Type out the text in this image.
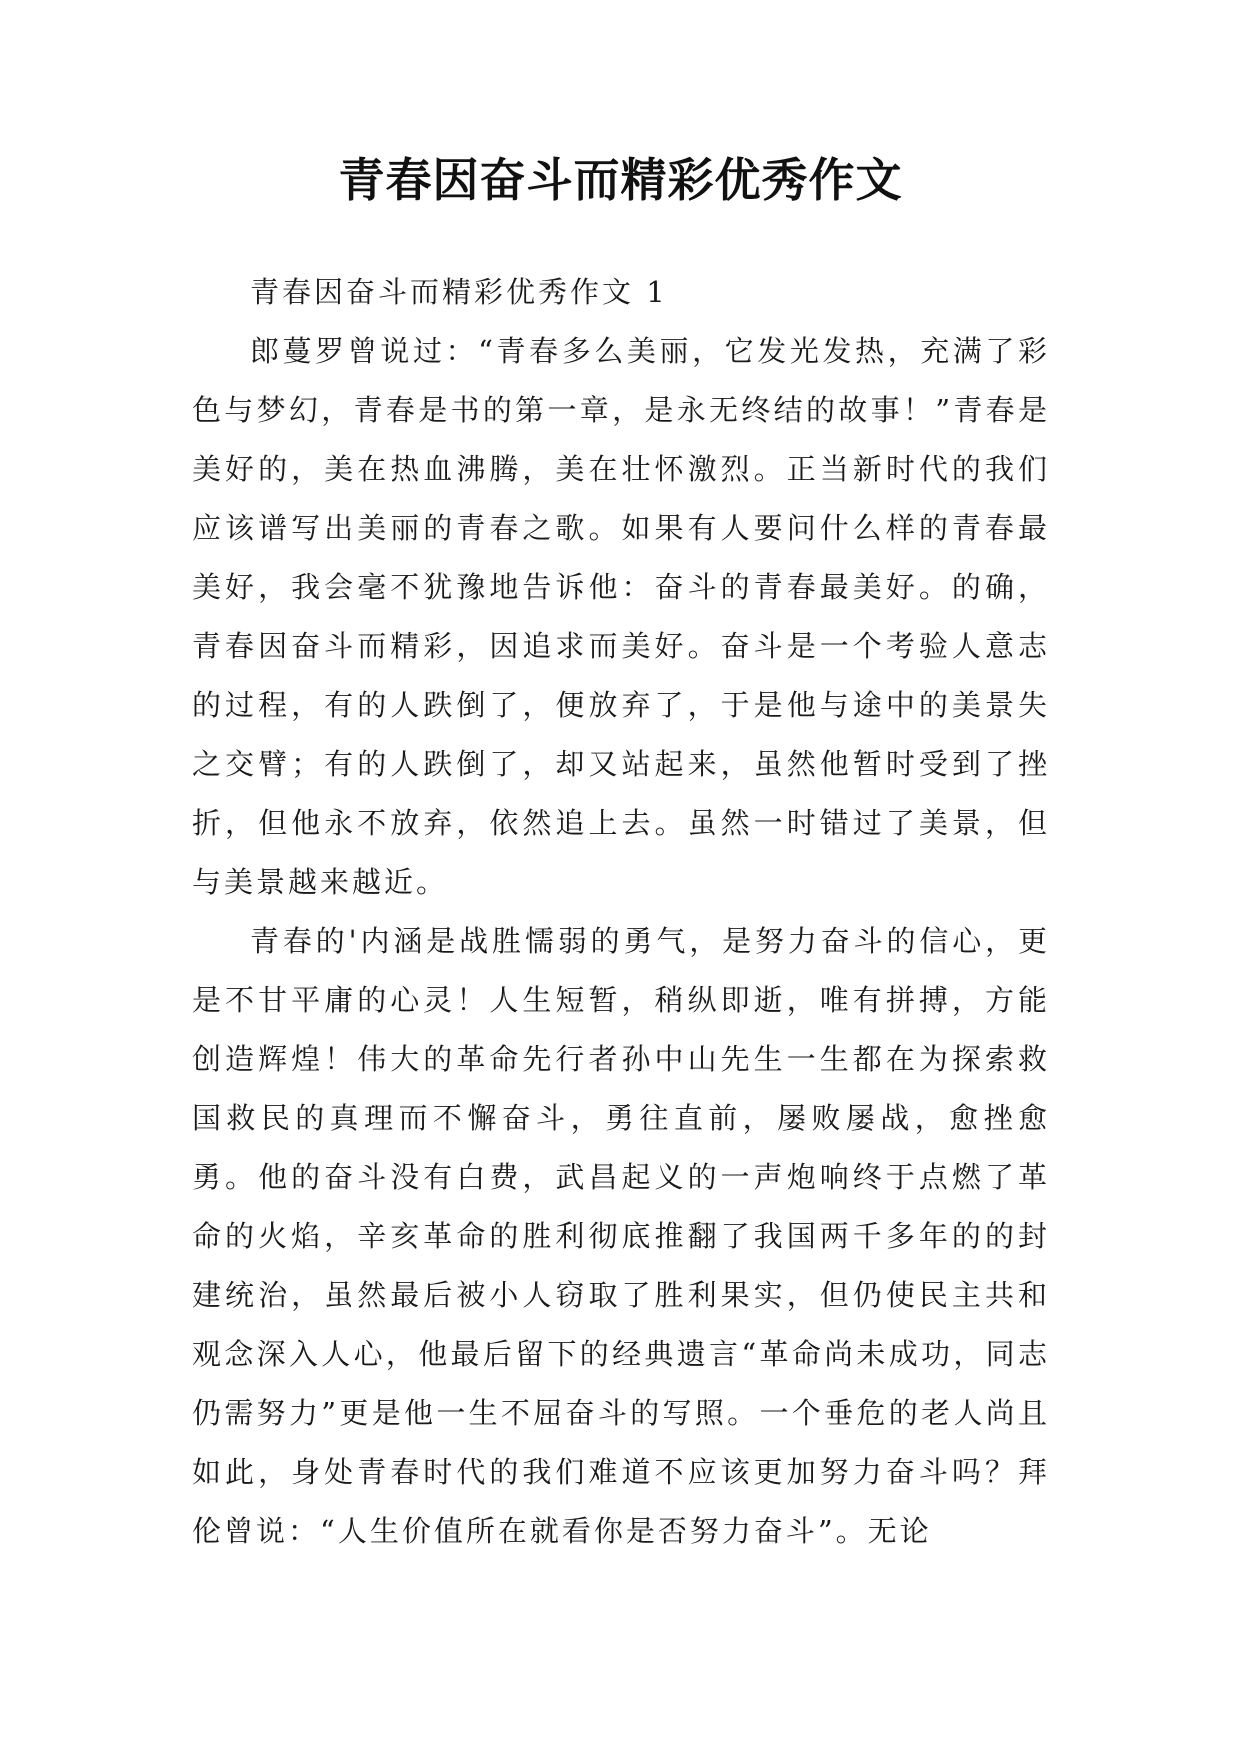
青春因奋斗而精彩优秀作文

青春因奋斗而精彩优秀作文 1

郎蔓罗曾说过：“青春多么美丽，它发光发热，充满了彩色与梦幻，青春是书的第一章，是永无终结的故事！”青春是美好的，美在热血沸腾，美在壮怀激烈。正当新时代的我们应该谱写出美丽的青春之歌。如果有人要问什么样的青春最美好，我会毫不犹豫地告诉他：奋斗的青春最美好。的确，青春因奋斗而精彩，因追求而美好。奋斗是一个考验人意志的过程，有的人跌倒了，便放弃了，于是他与途中的美景失之交臂；有的人跌倒了，却又站起来，虽然他暂时受到了挫折，但他永不放弃，依然追上去。虽然一时错过了美景，但与美景越来越近。

青春的'内涵是战胜懦弱的勇气，是努力奋斗的信心，更是不甘平庸的心灵！人生短暂，稍纵即逝，唯有拼搏，方能创造辉煌！伟大的革命先行者孙中山先生一生都在为探索救国救民的真理而不懈奋斗，勇往直前，屡败屡战，愈挫愈勇。他的奋斗没有白费，武昌起义的一声炮响终于点燃了革命的火焰，辛亥革命的胜利彻底推翻了我国两千多年的的封建统治，虽然最后被小人窃取了胜利果实，但仍使民主共和观念深入人心，他最后留下的经典遗言“革命尚未成功，同志仍需努力”更是他一生不屈奋斗的写照。一个垂危的老人尚且如此，身处青春时代的我们难道不应该更加努力奋斗吗？拜伦曾说：“人生价值所在就看你是否努力奋斗”。无论
